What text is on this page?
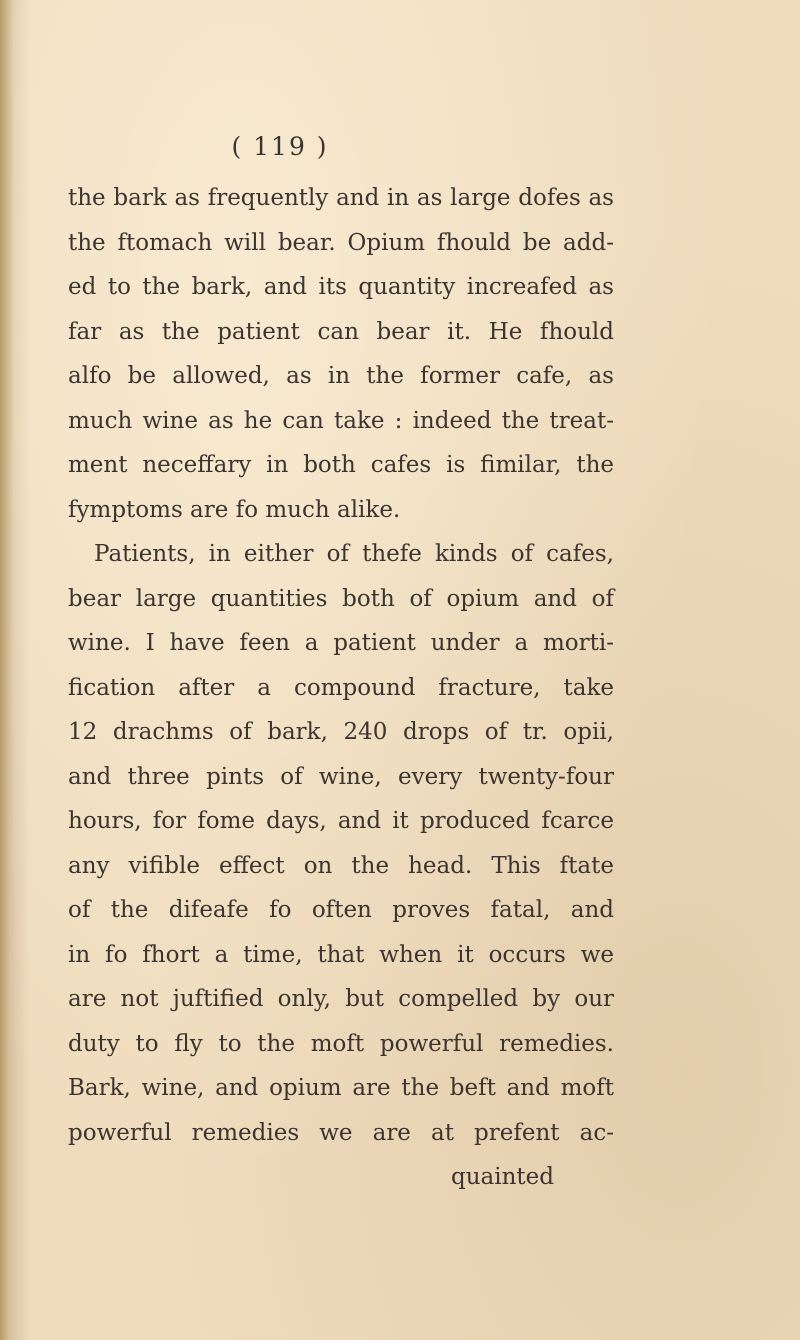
( 119 )
the bark as frequently and in as large dofes as
the ftomach will bear. Opium fhould be add-
ed to the bark, and its quantity increafed as
far as the patient can bear it. He fhould
alfo be allowed, as in the former cafe, as
much wine as he can take : indeed the treat-
ment neceffary in both cafes is fimilar, the
fymptoms are fo much alike.
Patients, in either of thefe kinds of cafes,
bear large quantities both of opium and of
wine. I have feen a patient under a morti-
fication after a compound fracture, take
12 drachms of bark, 240 drops of tr. opii,
and three pints of wine, every twenty-four
hours, for fome days, and it produced fcarce
any vifible effect on the head. This ftate
of the difeafe fo often proves fatal, and
in fo fhort a time, that when it occurs we
are not juftified only, but compelled by our
duty to fly to the moft powerful remedies.
Bark, wine, and opium are the beft and moft
powerful remedies we are at prefent ac-
quainted
